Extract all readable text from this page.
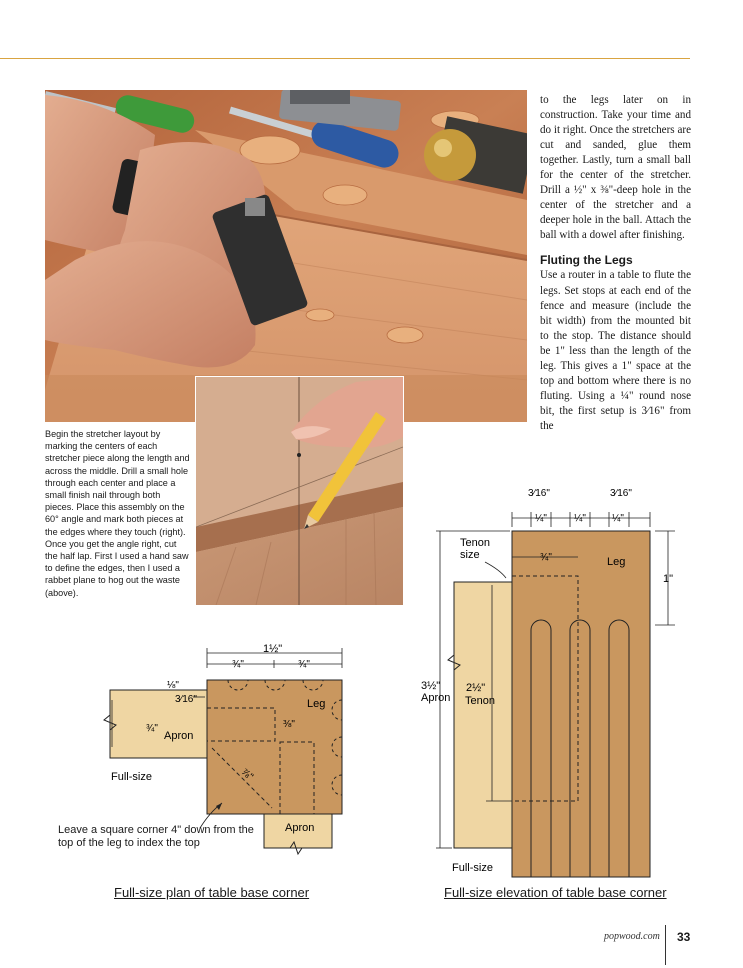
Begin the stretcher layout by marking the centers of each stretcher piece along the length and across the middle. Drill a small hole through each center and place a small finish nail through both pieces. Place this assembly on the 60° angle and mark both pieces at the edges where they touch (right). Once you get the angle right, cut the half lap. First I used a hand saw to define the edges, then I used a rabbet plane to hog out the waste (above).

to the legs later on in construction. Take your time and do it right. Once the stretchers are cut and sanded, glue them together. Lastly, turn a small ball for the center of the stretcher. Drill a ½" x ⅜"-deep hole in the center of the stretcher and a deeper hole in the ball. Attach the ball with a dowel after finishing.

Fluting the Legs

Use a router in a table to flute the legs. Set stops at each end of the fence and measure (include the bit width) from the mounted bit to the stop. The distance should be 1" less than the length of the leg. This gives a 1" space at the top and bottom where there is no fluting. Using a ¼" round nose bit, the first setup is 3⁄16" from the

1½"
¾"	¾"
⅛"
3⁄16"
¾"
Apron
Leg
⅜"
⅞"
Apron
Full-size
Leave a square corner 4" down from the top of the leg to index the top
3⁄16"	3⁄16"
¼"	¼"	¼"
Tenon
size	¾"	Leg
1"
3½"
Apron
2½"
Tenon
Full-size
Full-size plan of table base corner	Full-size elevation of table base corner
popwood.com 33
